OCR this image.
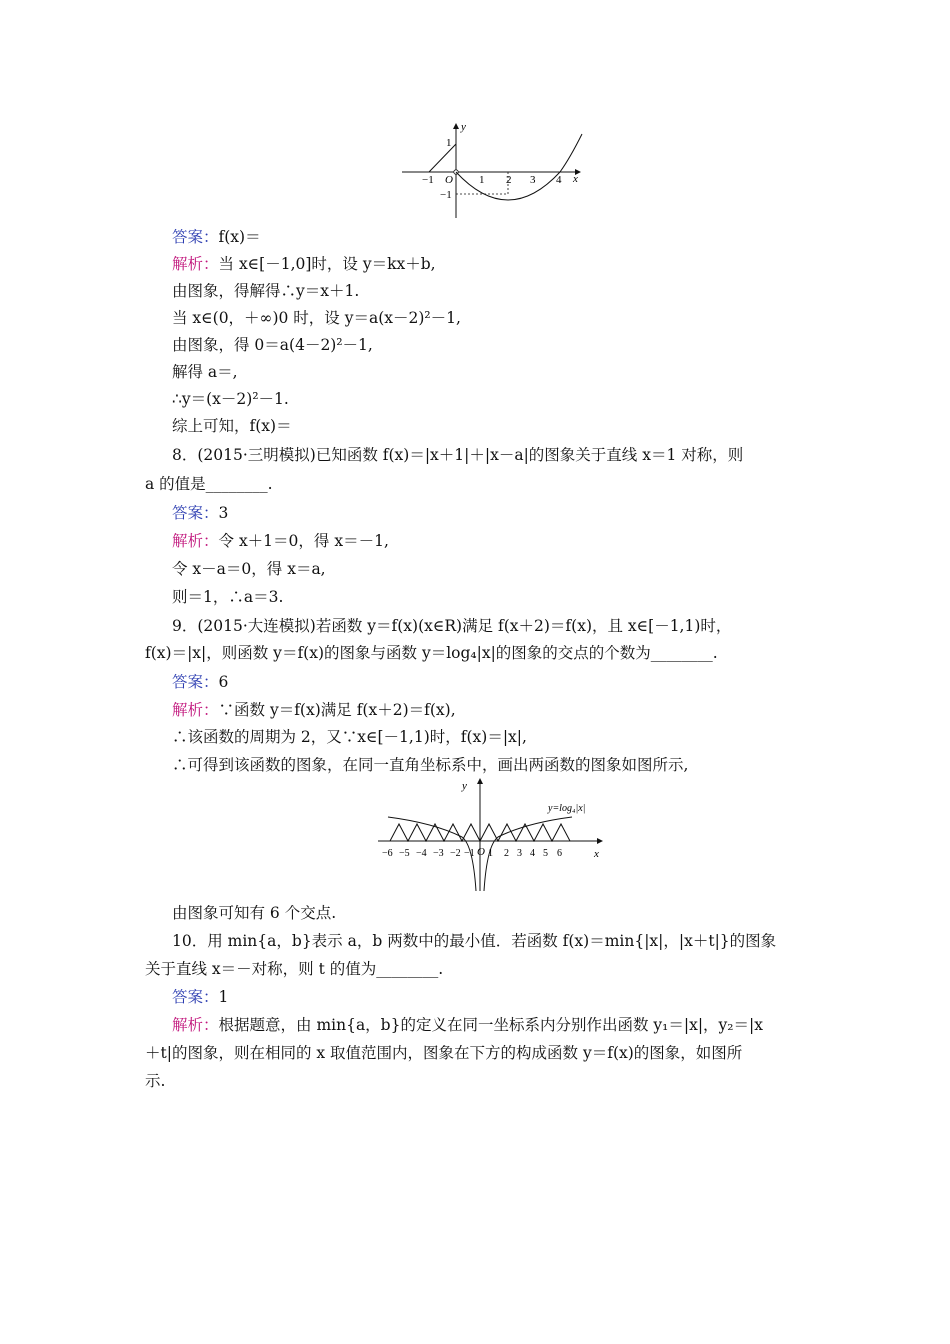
y
x
O
−1	1 2 3 4
1
−1
答案：f(x)＝
解析：当 x∈[－1,0]时，设 y＝kx＋b,
由图象，得解得∴y＝x＋1.
当 x∈(0，＋∞)0 时，设 y＝a(x－2)²－1,
由图象，得 0＝a(4－2)²－1,
解得 a＝,
∴y＝(x－2)²－1.
综上可知，f(x)＝
8．(2015·三明模拟)已知函数 f(x)＝|x＋1|＋|x－a|的图象关于直线 x＝1 对称，则
a 的值是________.
答案：3
解析：令 x＋1＝0，得 x＝－1,
令 x－a＝0，得 x＝a,
则＝1，∴a＝3.
9．(2015·大连模拟)若函数 y＝f(x)(x∈R)满足 f(x＋2)＝f(x)，且 x∈[－1,1)时，
f(x)＝|x|，则函数 y＝f(x)的图象与函数 y＝log₄|x|的图象的交点的个数为________.
答案：6
解析：∵函数 y＝f(x)满足 f(x＋2)＝f(x),
∴该函数的周期为 2，又∵x∈[－1,1)时，f(x)＝|x|,
∴可得到该函数的图象，在同一直角坐标系中，画出两函数的图象如图所示,
y
x
y=log₄|x|
O
−6 −5 −4 −3 −2 −1 1 2 3 4 5 6
由图象可知有 6 个交点.
10．用 min{a，b}表示 a，b 两数中的最小值．若函数 f(x)＝min{|x|，|x＋t|}的图象
关于直线 x＝－对称，则 t 的值为________.
答案：1
解析：根据题意，由 min{a，b}的定义在同一坐标系内分别作出函数 y₁＝|x|，y₂＝|x
＋t|的图象，则在相同的 x 取值范围内，图象在下方的构成函数 y＝f(x)的图象，如图所
示.
